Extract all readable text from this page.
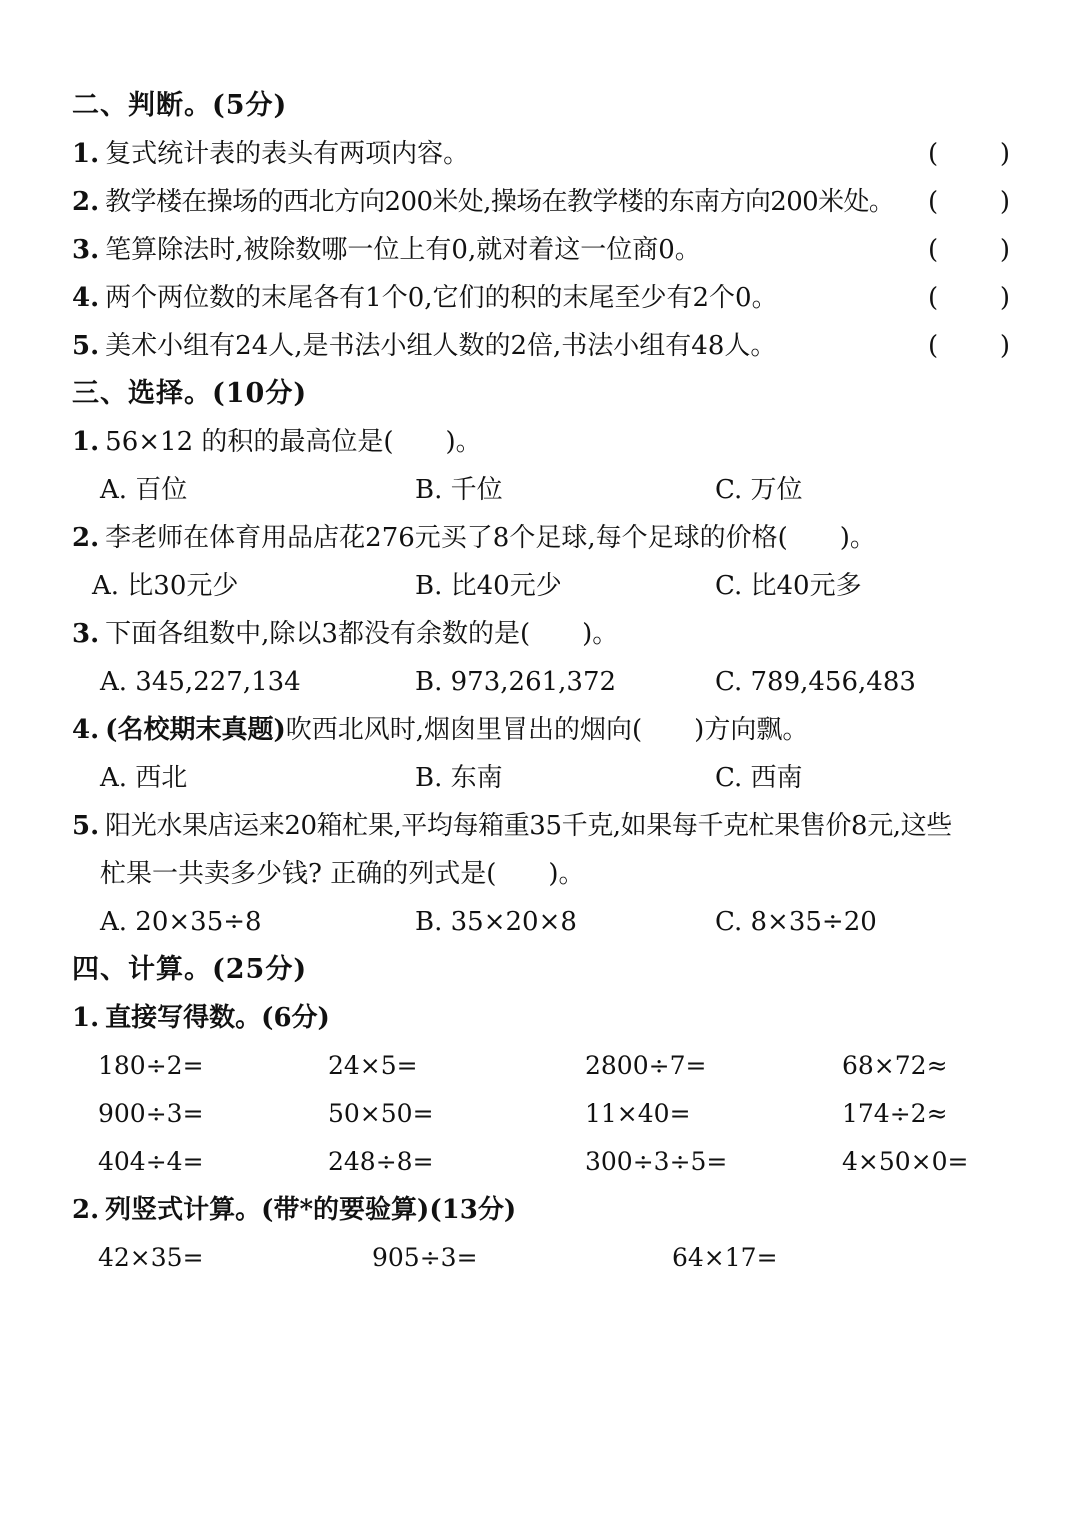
二、判断。(5分)
1. 复式统计表的表头有两项内容。	( )
2. 教学楼在操场的西北方向200米处,操场在教学楼的东南方向200米处。 ( )
3. 笔算除法时,被除数哪一位上有0,就对着这一位商0。	( )
4. 两个两位数的末尾各有1个0,它们的积的末尾至少有2个0。	( )
5. 美术小组有24人,是书法小组人数的2倍,书法小组有48人。	( )
三、选择。(10分)
1. 56×12 的积的最高位是(　　)。
A. 百位	B. 千位	C. 万位
2. 李老师在体育用品店花276元买了8个足球,每个足球的价格(　　)。
A. 比30元少	B. 比40元少	C. 比40元多
3. 下面各组数中,除以3都没有余数的是(　　)。
A. 345,227,134	B. 973,261,372	C. 789,456,483
4. (名校期末真题)吹西北风时,烟囱里冒出的烟向(　　)方向飘。
A. 西北	B. 东南	C. 西南
5. 阳光水果店运来20箱杧果,平均每箱重35千克,如果每千克杧果售价8元,这些
杧果一共卖多少钱? 正确的列式是(　　)。
A. 20×35÷8	B. 35×20×8	C. 8×35÷20
四、计算。(25分)
1. 直接写得数。(6分)
180÷2=	24×5=	2800÷7=	68×72≈
900÷3=	50×50=	11×40=	174÷2≈
404÷4=	248÷8=	300÷3÷5=	4×50×0=
2. 列竖式计算。(带*的要验算)(13分)
42×35=	905÷3=	64×17=
